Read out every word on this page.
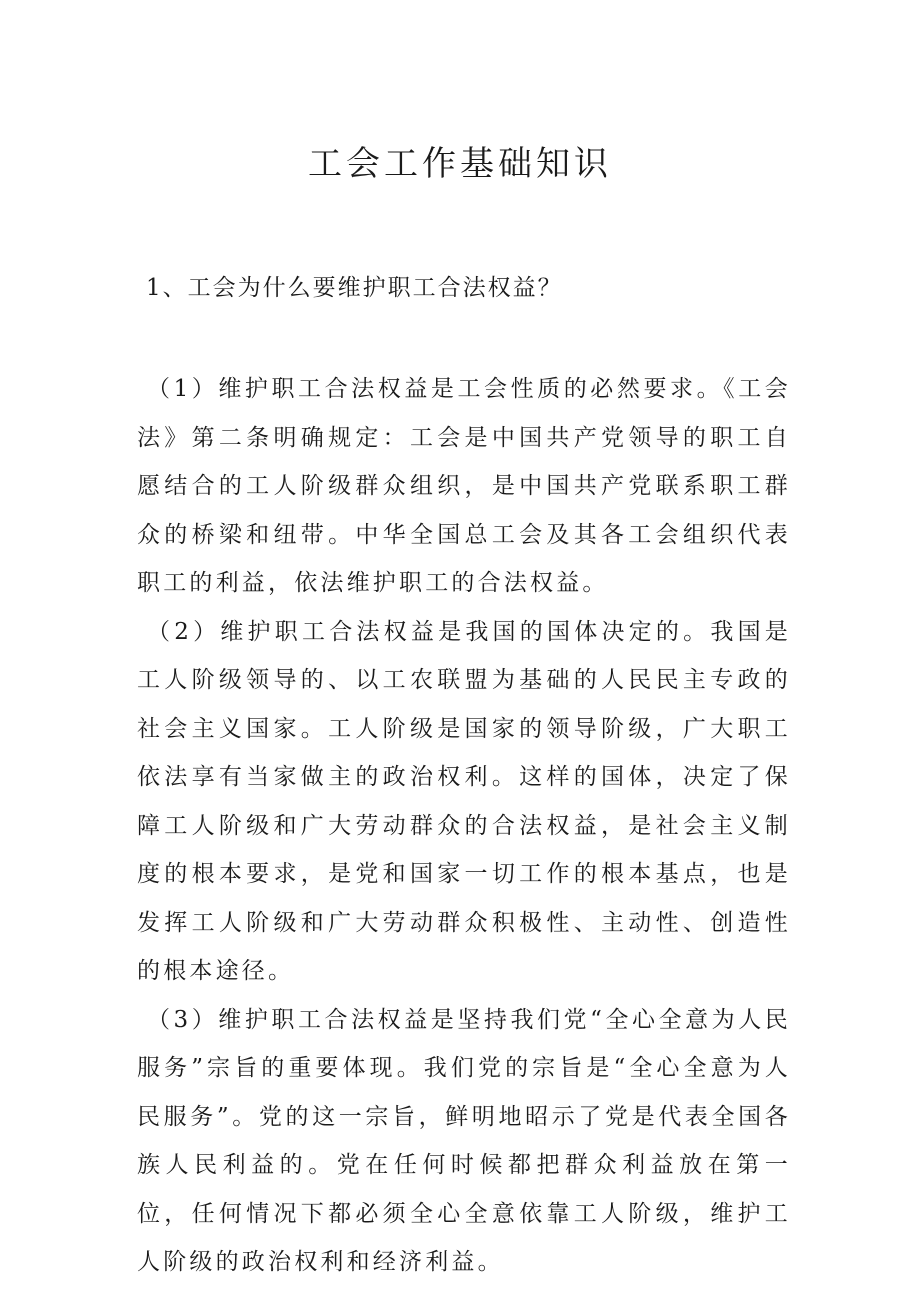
工会工作基础知识

1、工会为什么要维护职工合法权益？

（1）维护职工合法权益是工会性质的必然要求。《工会法》第二条明确规定：工会是中国共产党领导的职工自愿结合的工人阶级群众组织，是中国共产党联系职工群众的桥梁和纽带。中华全国总工会及其各工会组织代表职工的利益，依法维护职工的合法权益。

（2）维护职工合法权益是我国的国体决定的。我国是工人阶级领导的、以工农联盟为基础的人民民主专政的社会主义国家。工人阶级是国家的领导阶级，广大职工依法享有当家做主的政治权利。这样的国体，决定了保障工人阶级和广大劳动群众的合法权益，是社会主义制度的根本要求，是党和国家一切工作的根本基点，也是发挥工人阶级和广大劳动群众积极性、主动性、创造性的根本途径。

（3）维护职工合法权益是坚持我们党“全心全意为人民服务”宗旨的重要体现。我们党的宗旨是“全心全意为人民服务”。党的这一宗旨，鲜明地昭示了党是代表全国各族人民利益的。党在任何时候都把群众利益放在第一位，任何情况下都必须全心全意依靠工人阶级，维护工人阶级的政治权利和经济利益。
